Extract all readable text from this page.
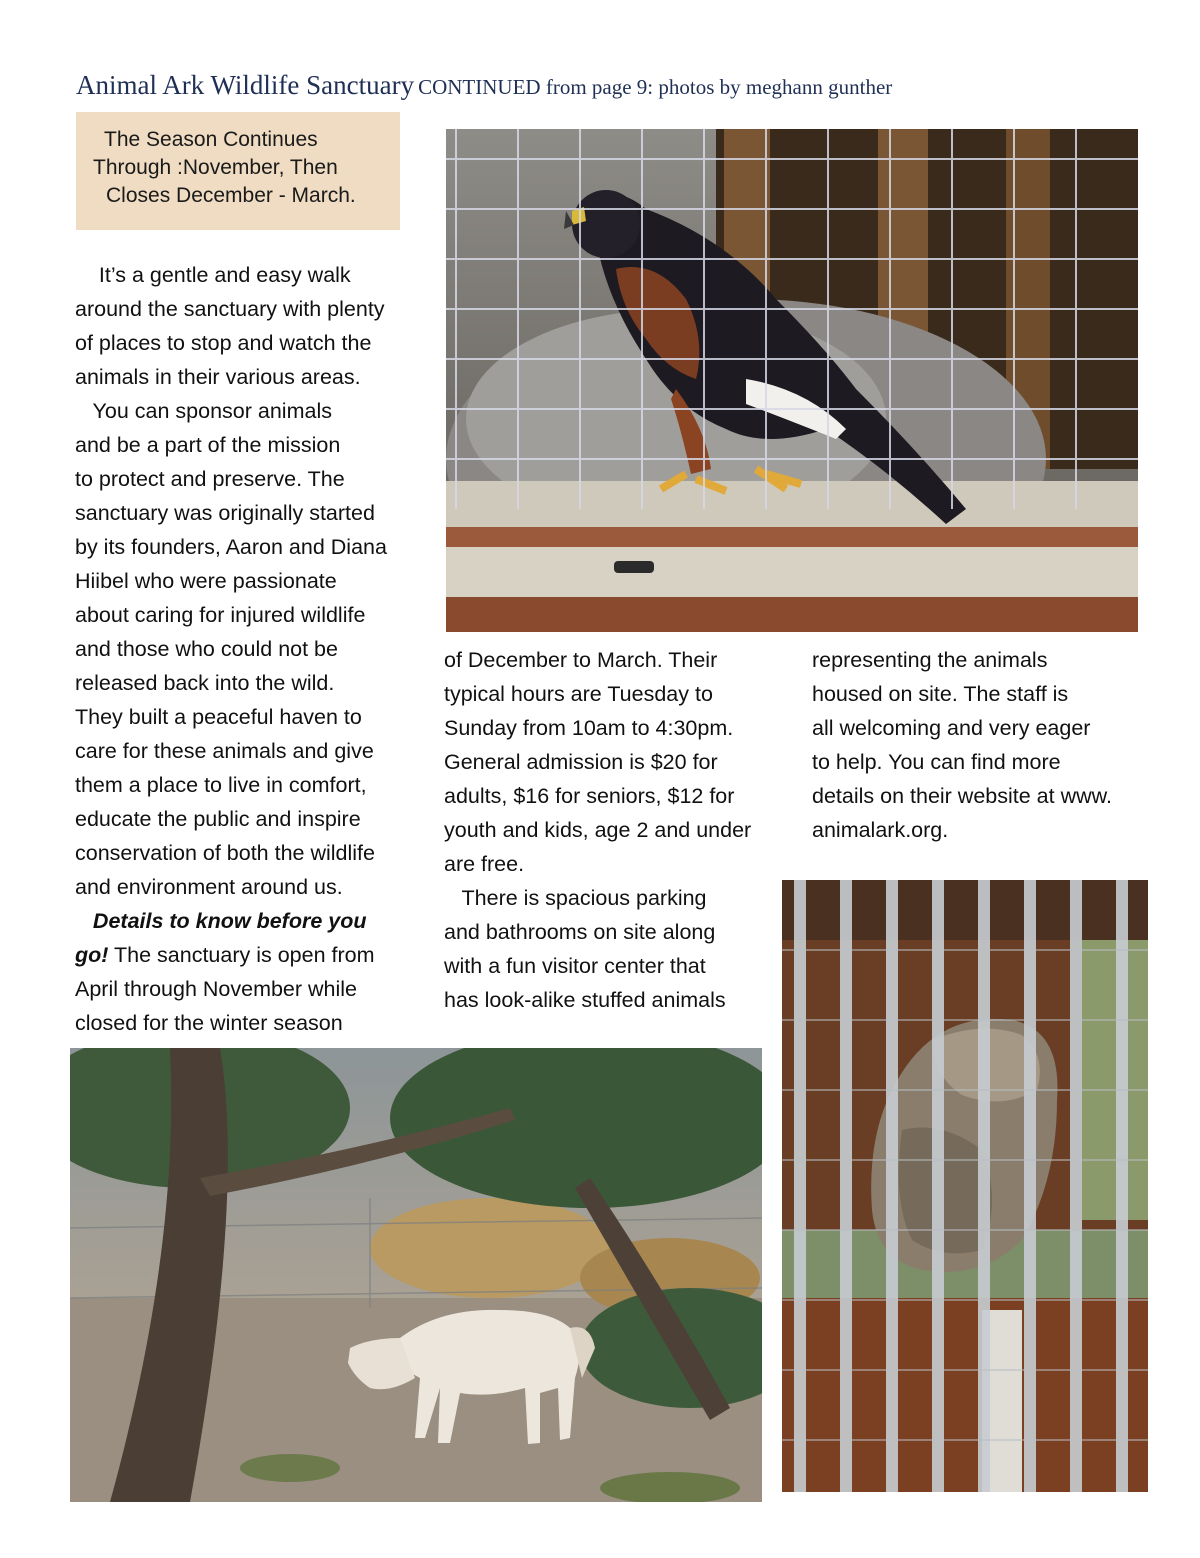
Animal Ark Wildlife Sanctuary CONTINUED from page 9: photos by meghann gunther
The Season Continues
Through :November, Then
Closes December - March.
It’s a gentle and easy walk
around the sanctuary with plenty
of places to stop and watch the
animals in their various areas.
You can sponsor animals
and be a part of the mission
to protect and preserve. The
sanctuary was originally started
by its founders, Aaron and Diana
Hiibel who were passionate
about caring for injured wildlife
and those who could not be
released back into the wild.
They built a peaceful haven to
care for these animals and give
them a place to live in comfort,
educate the public and inspire
conservation of both the wildlife
and environment around us.
Details to know before you
go! The sanctuary is open from
April through November while
closed for the winter season
of December to March. Their
typical hours are Tuesday to
Sunday from 10am to 4:30pm.
General admission is $20 for
adults, $16 for seniors, $12 for
youth and kids, age 2 and under
are free.
There is spacious parking
and bathrooms on site along
with a fun visitor center that
has look-alike stuffed animals
representing the animals
housed on site. The staff is
all welcoming and very eager
to help. You can find more
details on their website at www.
animalark.org.
